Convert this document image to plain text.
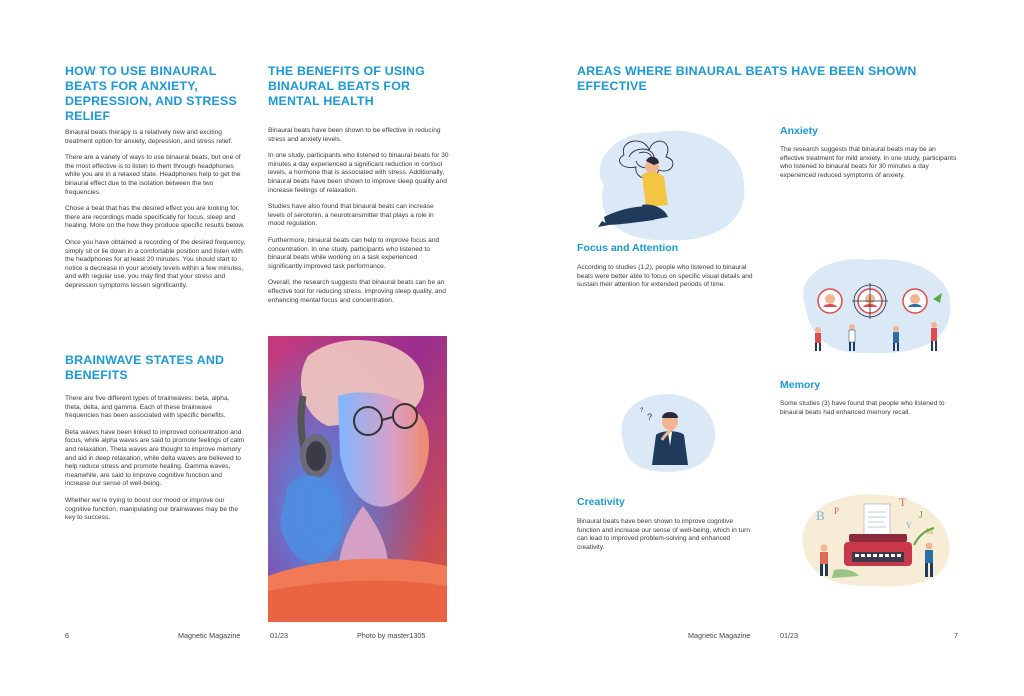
HOW TO USE BINAURAL BEATS FOR ANXIETY, DEPRESSION, AND STRESS RELIEF

Binaural beats therapy is a relatively new and exciting treatment option for anxiety, depression, and stress relief.

There are a variety of ways to use binaural beats, but one of the most effective is to listen to them through headphones while you are in a relaxed state. Headphones help to get the binaural effect due to the isolation between the two frequencies.

Chose a beat that has the desired effect you are looking for, there are recordings made specifically for focus, sleep and healing. More on the how they produce specific results below.

Once you have obtained a recording of the desired frequency, simply sit or lie down in a comfortable position and listen with the headphones for at least 20 minutes. You should start to notice a decrease in your anxiety levels within a few minutes, and with regular use, you may find that your stress and depression symptoms lessen significantly.

THE BENEFITS OF USING BINAURAL BEATS FOR MENTAL HEALTH

Binaural beats have been shown to be effective in reducing stress and anxiety levels.

In one study, participants who listened to binaural beats for 30 minutes a day experienced a significant reduction in cortisol levels, a hormone that is associated with stress. Additionally, binaural beats have been shown to improve sleep quality and increase feelings of relaxation.

Studies have also found that binaural beats can increase levels of serotonin, a neurotransmitter that plays a role in mood regulation.

Furthermore, binaural beats can help to improve focus and concentration. In one study, participants who listened to binaural beats while working on a task experienced significantly improved task performance.

Overall, the research suggests that binaural beats can be an effective tool for reducing stress, improving sleep quality, and enhancing mental focus and concentration.

BRAINWAVE STATES AND BENEFITS

There are five different types of brainwaves: beta, alpha, theta, delta, and gamma. Each of these brainwave frequencies has been associated with specific benefits.

Beta waves have been linked to improved concentration and focus, while alpha waves are said to promote feelings of calm and relaxation. Theta waves are thought to improve memory and aid in deep relaxation, while delta waves are believed to help reduce stress and promote healing. Gamma waves, meanwhile, are said to improve cognitive function and increase our sense of well-being.

Whether we're trying to boost our mood or improve our cognitive function, manipulating our brainwaves may be the key to success.

6	Magnetic Magazine	01/23	Photo by master1305
AREAS WHERE BINAURAL BEATS HAVE BEEN SHOWN EFFECTIVE
Anxiety

The research suggests that binaural beats may be an effective treatment for mild anxiety. In one study, participants who listened to binaural beats for 30 minutes a day experienced reduced symptoms of anxiety.

Focus and Attention

According to studies (1,2), people who listened to binaural beats were better able to focus on specific visual details and sustain their attention for extended periods of time.

?
?
Memory

Some studies (3) have found that people who listened to binaural beats had enhanced memory recall.

Creativity

Binaural beats have been shown to improve cognitive function and increase our sense of well-being, which in turn can lead to improved problem-solving and enhanced creativity.

B P
T
J
M
Y
Magnetic Magazine	01/23	7
